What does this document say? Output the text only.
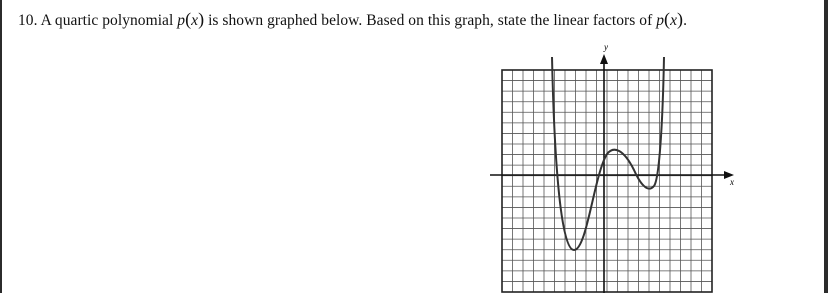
10. A quartic polynomial p(x) is shown graphed below. Based on this graph, state the linear factors of p(x).

x
y
